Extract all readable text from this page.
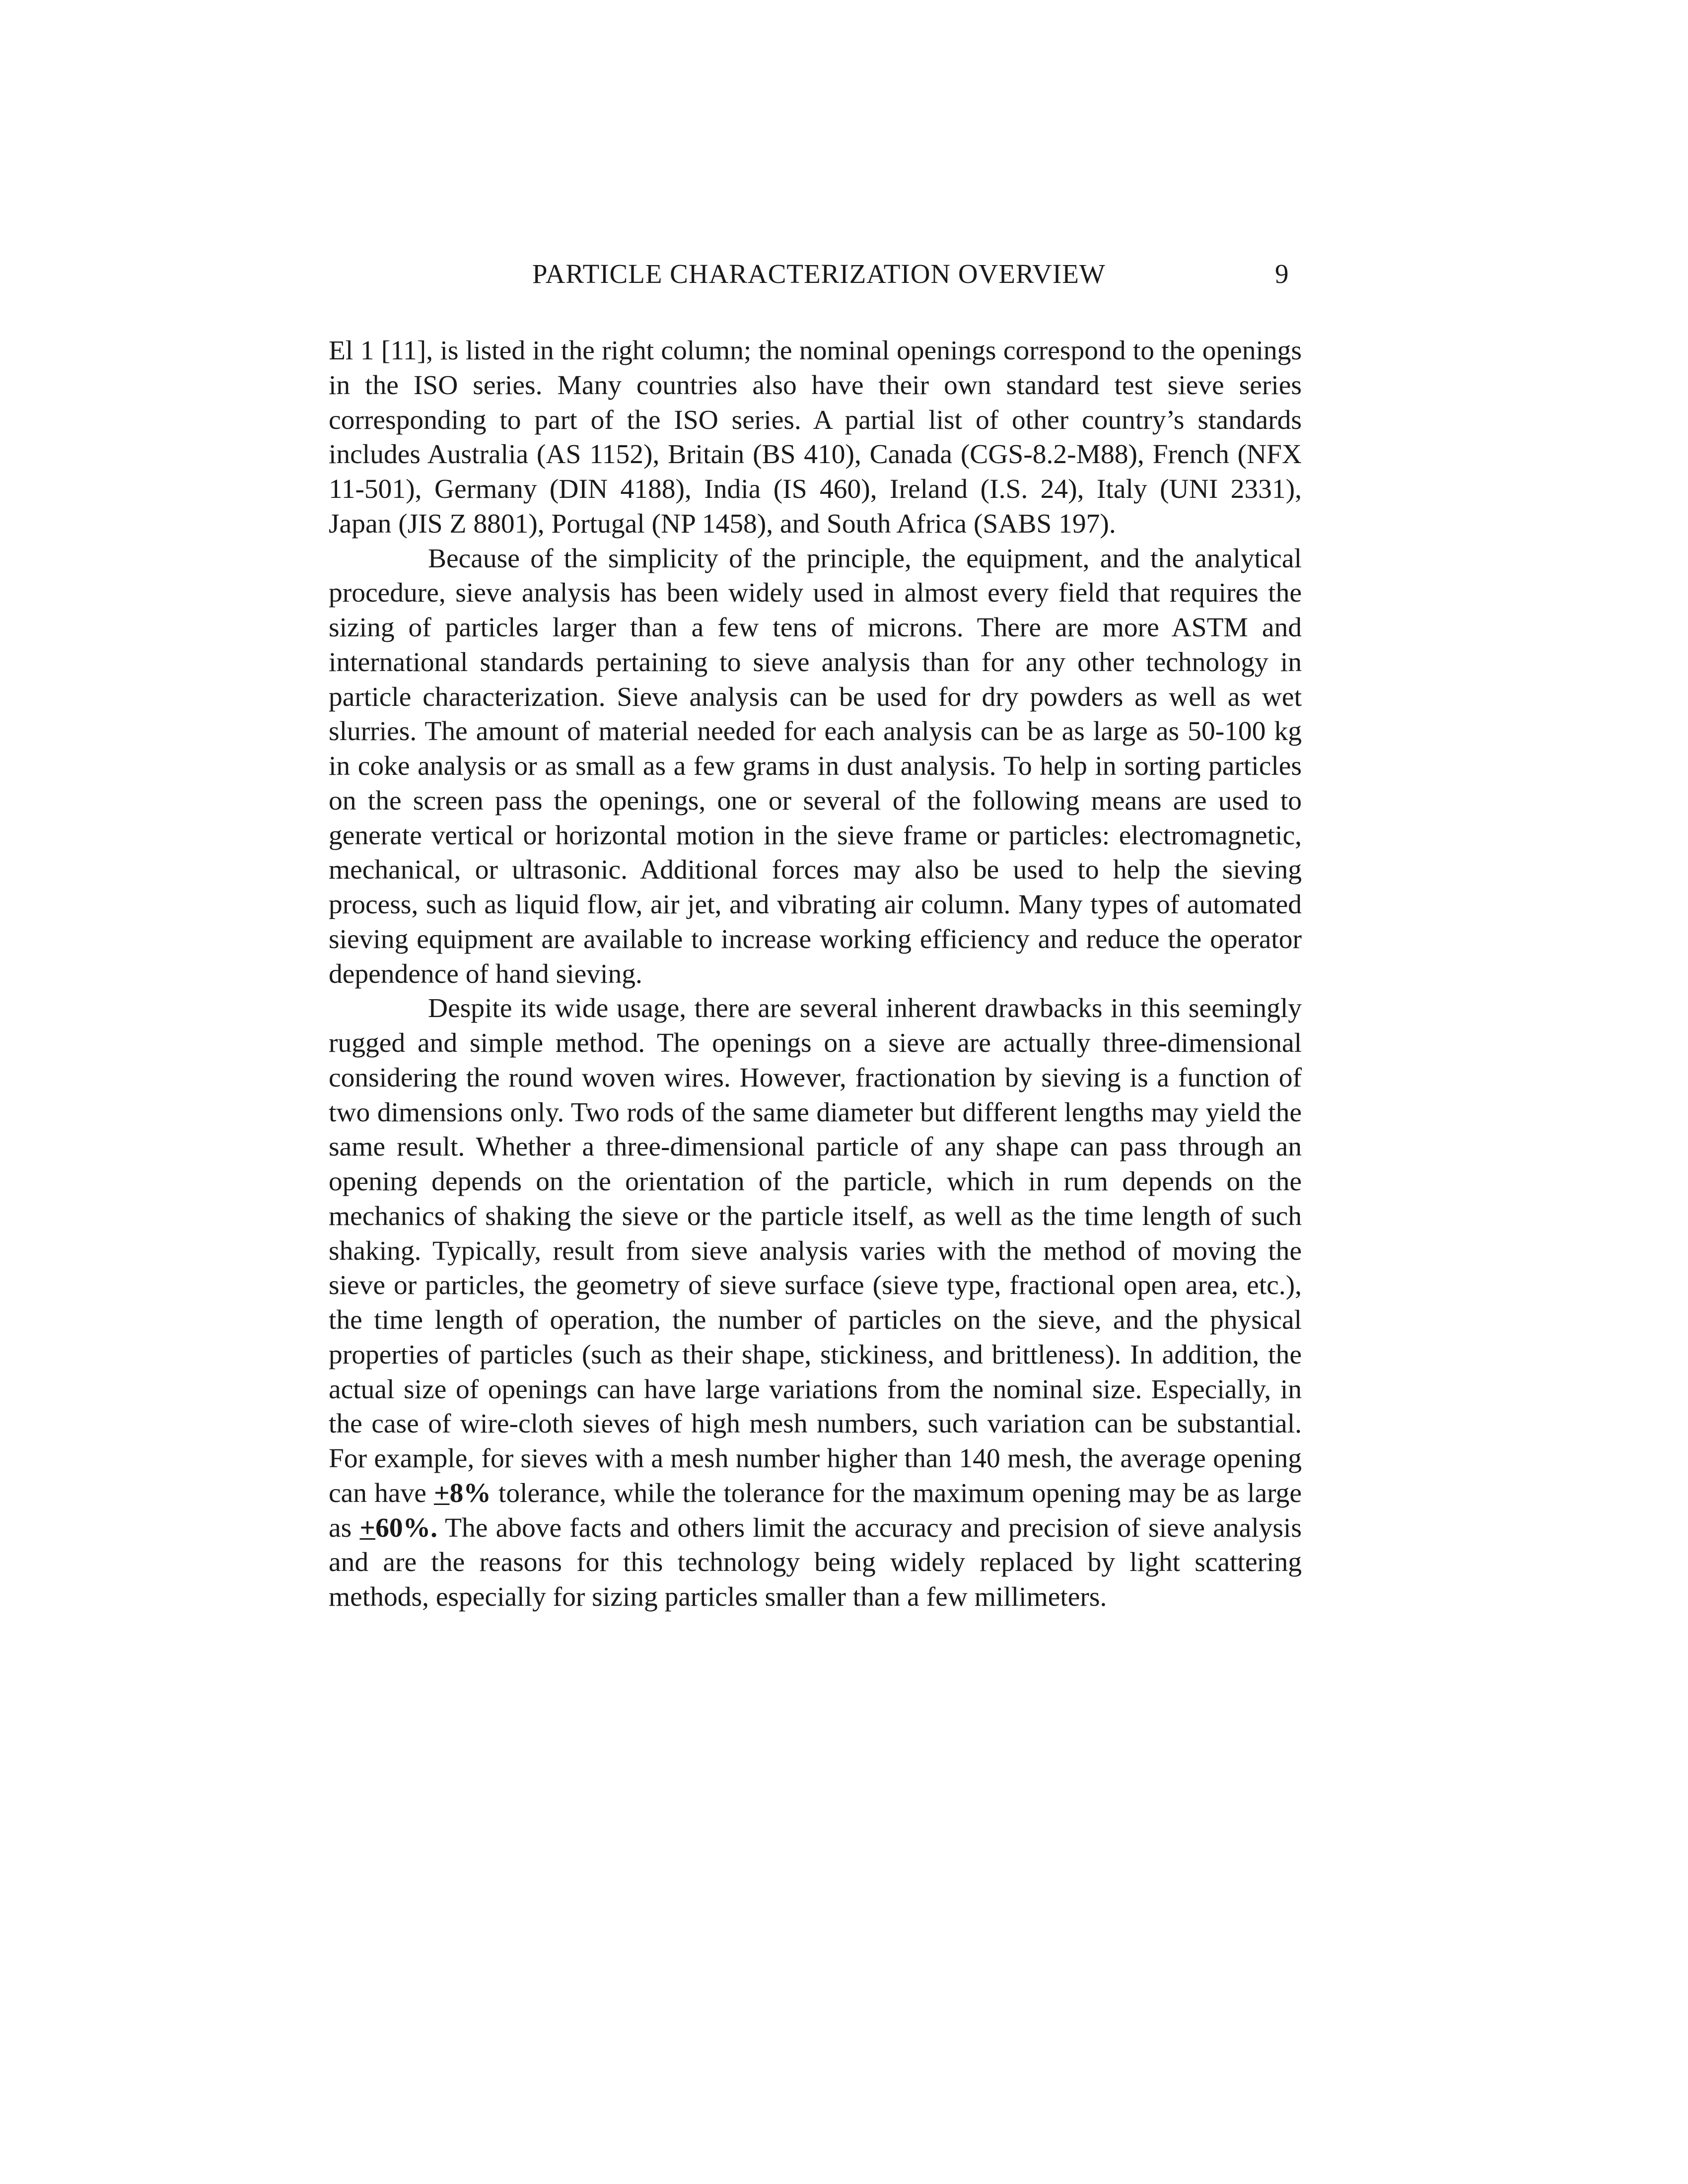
PARTICLE CHARACTERIZATION OVERVIEW	9

El 1 [11], is listed in the right column; the nominal openings correspond to the openings in the ISO series. Many countries also have their own standard test sieve series corresponding to part of the ISO series. A partial list of other country’s standards includes Australia (AS 1152), Britain (BS 410), Canada (CGS-8.2-M88), French (NFX 11-501), Germany (DIN 4188), India (IS 460), Ireland (I.S. 24), Italy (UNI 2331), Japan (JIS Z 8801), Portugal (NP 1458), and South Africa (SABS 197).

Because of the simplicity of the principle, the equipment, and the analytical procedure, sieve analysis has been widely used in almost every field that requires the sizing of particles larger than a few tens of microns. There are more ASTM and international standards pertaining to sieve analysis than for any other technology in particle characterization. Sieve analysis can be used for dry powders as well as wet slurries. The amount of material needed for each analysis can be as large as 50-100 kg in coke analysis or as small as a few grams in dust analysis. To help in sorting particles on the screen pass the openings, one or several of the following means are used to generate vertical or horizontal motion in the sieve frame or particles: electromagnetic, mechanical, or ultrasonic. Additional forces may also be used to help the sieving process, such as liquid flow, air jet, and vibrating air column. Many types of automated sieving equipment are available to increase working efficiency and reduce the operator dependence of hand sieving.

Despite its wide usage, there are several inherent drawbacks in this seemingly rugged and simple method. The openings on a sieve are actually three-dimensional considering the round woven wires. However, fractionation by sieving is a function of two dimensions only. Two rods of the same diameter but different lengths may yield the same result. Whether a three-dimensional particle of any shape can pass through an opening depends on the orientation of the particle, which in rum depends on the mechanics of shaking the sieve or the particle itself, as well as the time length of such shaking. Typically, result from sieve analysis varies with the method of moving the sieve or particles, the geometry of sieve surface (sieve type, fractional open area, etc.), the time length of operation, the number of particles on the sieve, and the physical properties of particles (such as their shape, stickiness, and brittleness). In addition, the actual size of openings can have large variations from the nominal size. Especially, in the case of wire-cloth sieves of high mesh numbers, such variation can be substantial. For example, for sieves with a mesh number higher than 140 mesh, the average opening can have +8% tolerance, while the tolerance for the maximum opening may be as large as +60%. The above facts and others limit the accuracy and precision of sieve analysis and are the reasons for this technology being widely replaced by light scattering methods, especially for sizing particles smaller than a few millimeters.
